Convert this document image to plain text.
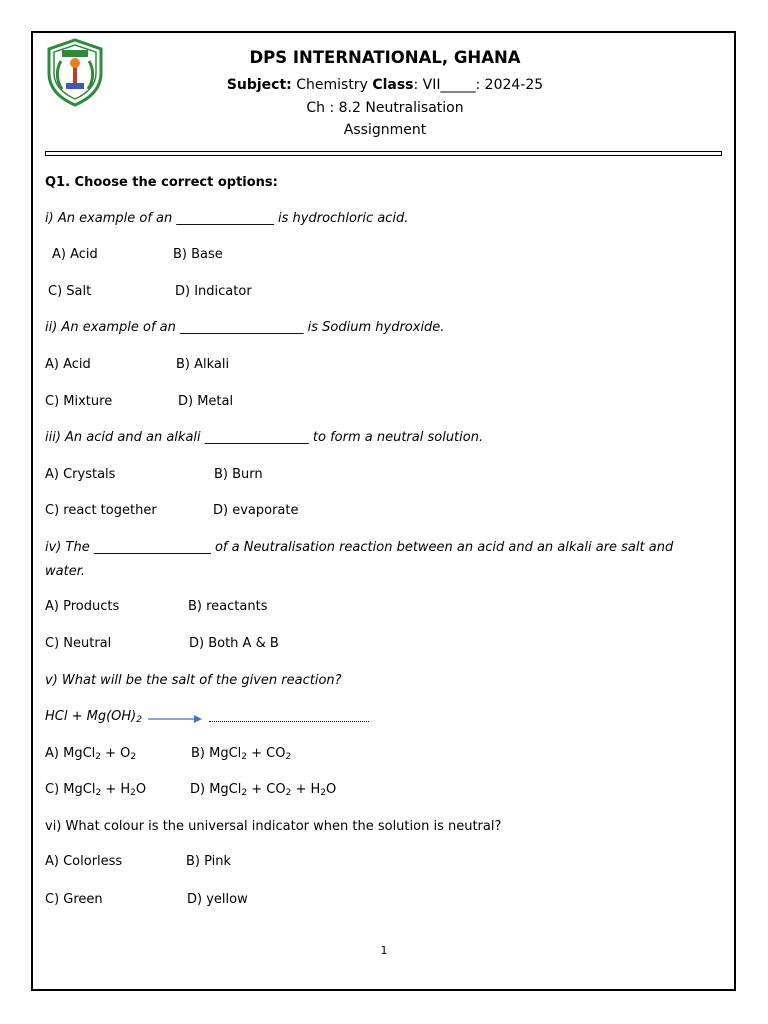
DPS INTERNATIONAL, GHANA
Subject: Chemistry Class: VII_____: 2024-25
Ch : 8.2 Neutralisation
Assignment
Q1. Choose the correct options:
i) An example of an _______________ is hydrochloric acid.
A) Acid	B) Base
C) Salt	D) Indicator
ii) An example of an ___________________ is Sodium hydroxide.
A) Acid	B) Alkali
C) Mixture	D) Metal
iii) An acid and an alkali ________________ to form a neutral solution.
A) Crystals	B) Burn
C) react together	D) evaporate
iv) The __________________ of a Neutralisation reaction between an acid and an alkali are salt and
water.
A) Products	B) reactants
C) Neutral	D) Both A & B
v) What will be the salt of the given reaction?
HCl + $Mg(OH)_2$ →
A) MgCl$_2$ + $O_2$	B) MgCl$_2$ + $CO_2$
C) MgCl$_2$ + $H_2O$	D) MgCl$_2$ + $CO_2 + H_2O$
vi) What colour is the universal indicator when the solution is neutral?
A) Colorless	B) Pink
C) Green	D) yellow
1
